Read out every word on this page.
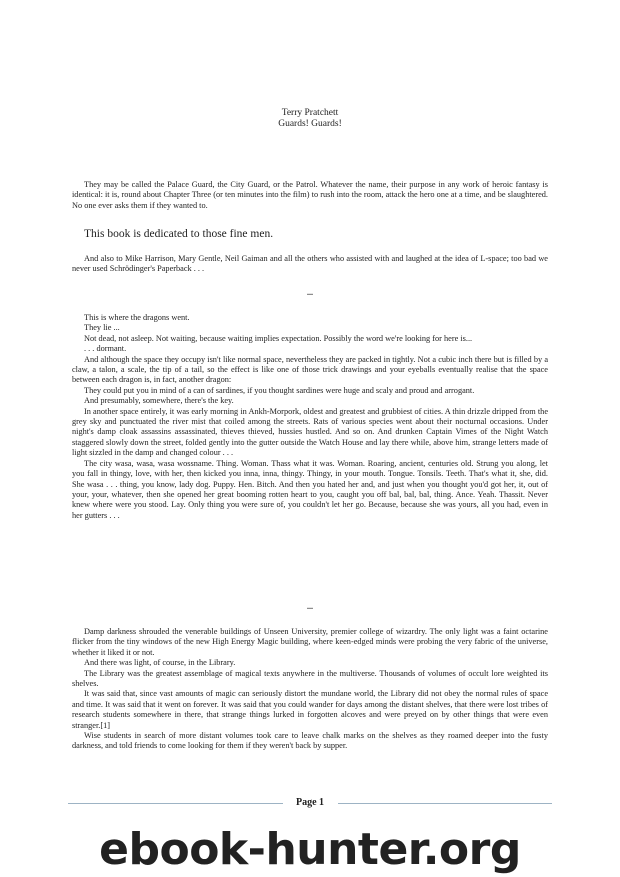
Terry Pratchett
Guards! Guards!

They may be called the Palace Guard, the City Guard, or the Patrol. Whatever the name, their purpose in any work of heroic fantasy is identical: it is, round about Chapter Three (or ten minutes into the film) to rush into the room, attack the hero one at a time, and be slaughtered. No one ever asks them if they wanted to.

This book is dedicated to those fine men.

And also to Mike Harrison, Mary Gentle, Neil Gaiman and all the others who assisted with and laughed at the idea of L-space; too bad we never used Schrödinger's Paperback . . .

...

This is where the dragons went.

They lie ...

Not dead, not asleep. Not waiting, because waiting implies expectation. Possibly the word we're looking for here is...

. . . dormant.

And although the space they occupy isn't like normal space, nevertheless they are packed in tightly. Not a cubic inch there but is filled by a claw, a talon, a scale, the tip of a tail, so the effect is like one of those trick drawings and your eyeballs eventually realise that the space between each dragon is, in fact, another dragon:

They could put you in mind of a can of sardines, if you thought sardines were huge and scaly and proud and arrogant.

And presumably, somewhere, there's the key.

In another space entirely, it was early morning in Ankh-Morpork, oldest and greatest and grubbiest of cities. A thin drizzle dripped from the grey sky and punctuated the river mist that coiled among the streets. Rats of various species went about their nocturnal occasions. Under night's damp cloak assassins assassinated, thieves thieved, hussies hustled. And so on. And drunken Captain Vimes of the Night Watch staggered slowly down the street, folded gently into the gutter outside the Watch House and lay there while, above him, strange letters made of light sizzled in the damp and changed colour . . .

The city wasa, wasa, wasa wossname. Thing. Woman. Thass what it was. Woman. Roaring, ancient, centuries old. Strung you along, let you fall in thingy, love, with her, then kicked you inna, inna, thingy. Thingy, in your mouth. Tongue. Tonsils. Teeth. That's what it, she, did. She wasa . . . thing, you know, lady dog. Puppy. Hen. Bitch. And then you hated her and, and just when you thought you'd got her, it, out of your, your, whatever, then she opened her great booming rotten heart to you, caught you off bal, bal, bal, thing. Ance. Yeah. Thassit. Never knew where were you stood. Lay. Only thing you were sure of, you couldn't let her go. Because, because she was yours, all you had, even in her gutters . . .

...

Damp darkness shrouded the venerable buildings of Unseen University, premier college of wizardry. The only light was a faint octarine flicker from the tiny windows of the new High Energy Magic building, where keen-edged minds were probing the very fabric of the universe, whether it liked it or not.

And there was light, of course, in the Library.

The Library was the greatest assemblage of magical texts anywhere in the multiverse. Thousands of volumes of occult lore weighted its shelves.

It was said that, since vast amounts of magic can seriously distort the mundane world, the Library did not obey the normal rules of space and time. It was said that it went on forever. It was said that you could wander for days among the distant shelves, that there were lost tribes of research students somewhere in there, that strange things lurked in forgotten alcoves and were preyed on by other things that were even stranger.[1]

Wise students in search of more distant volumes took care to leave chalk marks on the shelves as they roamed deeper into the fusty darkness, and told friends to come looking for them if they weren't back by supper.

Page 1
ebook-hunter.org
